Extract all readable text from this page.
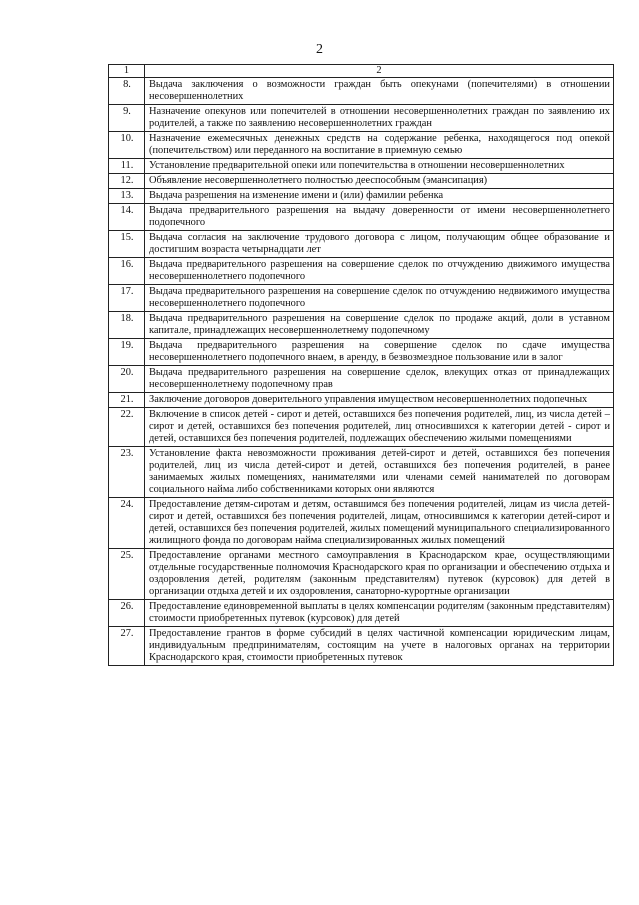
2
1	2
8.	Выдача заключения о возможности граждан быть опекунами (попечителями) в отношении несовершеннолетних
9.	Назначение опекунов или попечителей в отношении несовершеннолетних граждан по заявлению их родителей, а также по заявлению несовершеннолетних граждан
10.	Назначение ежемесячных денежных средств на содержание ребенка, находящегося под опекой (попечительством) или переданного на воспитание в приемную семью
11.	Установление предварительной опеки или попечительства в отношении несовершеннолетних
12.	Объявление несовершеннолетнего полностью дееспособным (эмансипация)
13.	Выдача разрешения на изменение имени и (или) фамилии ребенка
14.	Выдача предварительного разрешения на выдачу доверенности от имени несовершеннолетнего подопечного
15.	Выдача согласия на заключение трудового договора с лицом, получающим общее образование и достигшим возраста четырнадцати лет
16.	Выдача предварительного разрешения на совершение сделок по отчуждению движимого имущества несовершеннолетнего подопечного
17.	Выдача предварительного разрешения на совершение сделок по отчуждению недвижимого имущества несовершеннолетнего подопечного
18.	Выдача предварительного разрешения на совершение сделок по продаже акций, доли в уставном капитале, принадлежащих несовершеннолетнему подопечному
19.	Выдача предварительного разрешения на совершение сделок по сдаче имущества несовершеннолетнего подопечного внаем, в аренду, в безвозмездное пользование или в залог
20.	Выдача предварительного разрешения на совершение сделок, влекущих отказ от принадлежащих несовершеннолетнему подопечному прав
21.	Заключение договоров доверительного управления имуществом несовершеннолетних подопечных
22.	Включение в список детей - сирот и детей, оставшихся без попечения родителей, лиц, из числа детей – сирот и детей, оставшихся без попечения родителей, лиц относившихся к категории детей - сирот и детей, оставшихся без попечения родителей, подлежащих обеспечению жилыми помещениями
23.	Установление факта невозможности проживания детей-сирот и детей, оставшихся без попечения родителей, лиц из числа детей-сирот и детей, оставшихся без попечения родителей, в ранее занимаемых жилых помещениях, нанимателями или членами семей нанимателей по договорам социального найма либо собственниками которых они являются
24.	Предоставление детям-сиротам и детям, оставшимся без попечения родителей, лицам из числа детей-сирот и детей, оставшихся без попечения родителей, лицам, относившимся к категории детей-сирот и детей, оставшихся без попечения родителей, жилых помещений муниципального специализированного жилищного фонда по договорам найма специализированных жилых помещений
25.	Предоставление органами местного самоуправления в Краснодарском крае, осуществляющими отдельные государственные полномочия Краснодарского края по организации и обеспечению отдыха и оздоровления детей, родителям (законным представителям) путевок (курсовок) для детей в организации отдыха детей и их оздоровления, санаторно-курортные организации
26.	Предоставление единовременной выплаты в целях компенсации родителям (законным представителям) стоимости приобретенных путевок (курсовок) для детей
27.	Предоставление грантов в форме субсидий в целях частичной компенсации юридическим лицам, индивидуальным предпринимателям, состоящим на учете в налоговых органах на территории Краснодарского края, стоимости приобретенных путевок
